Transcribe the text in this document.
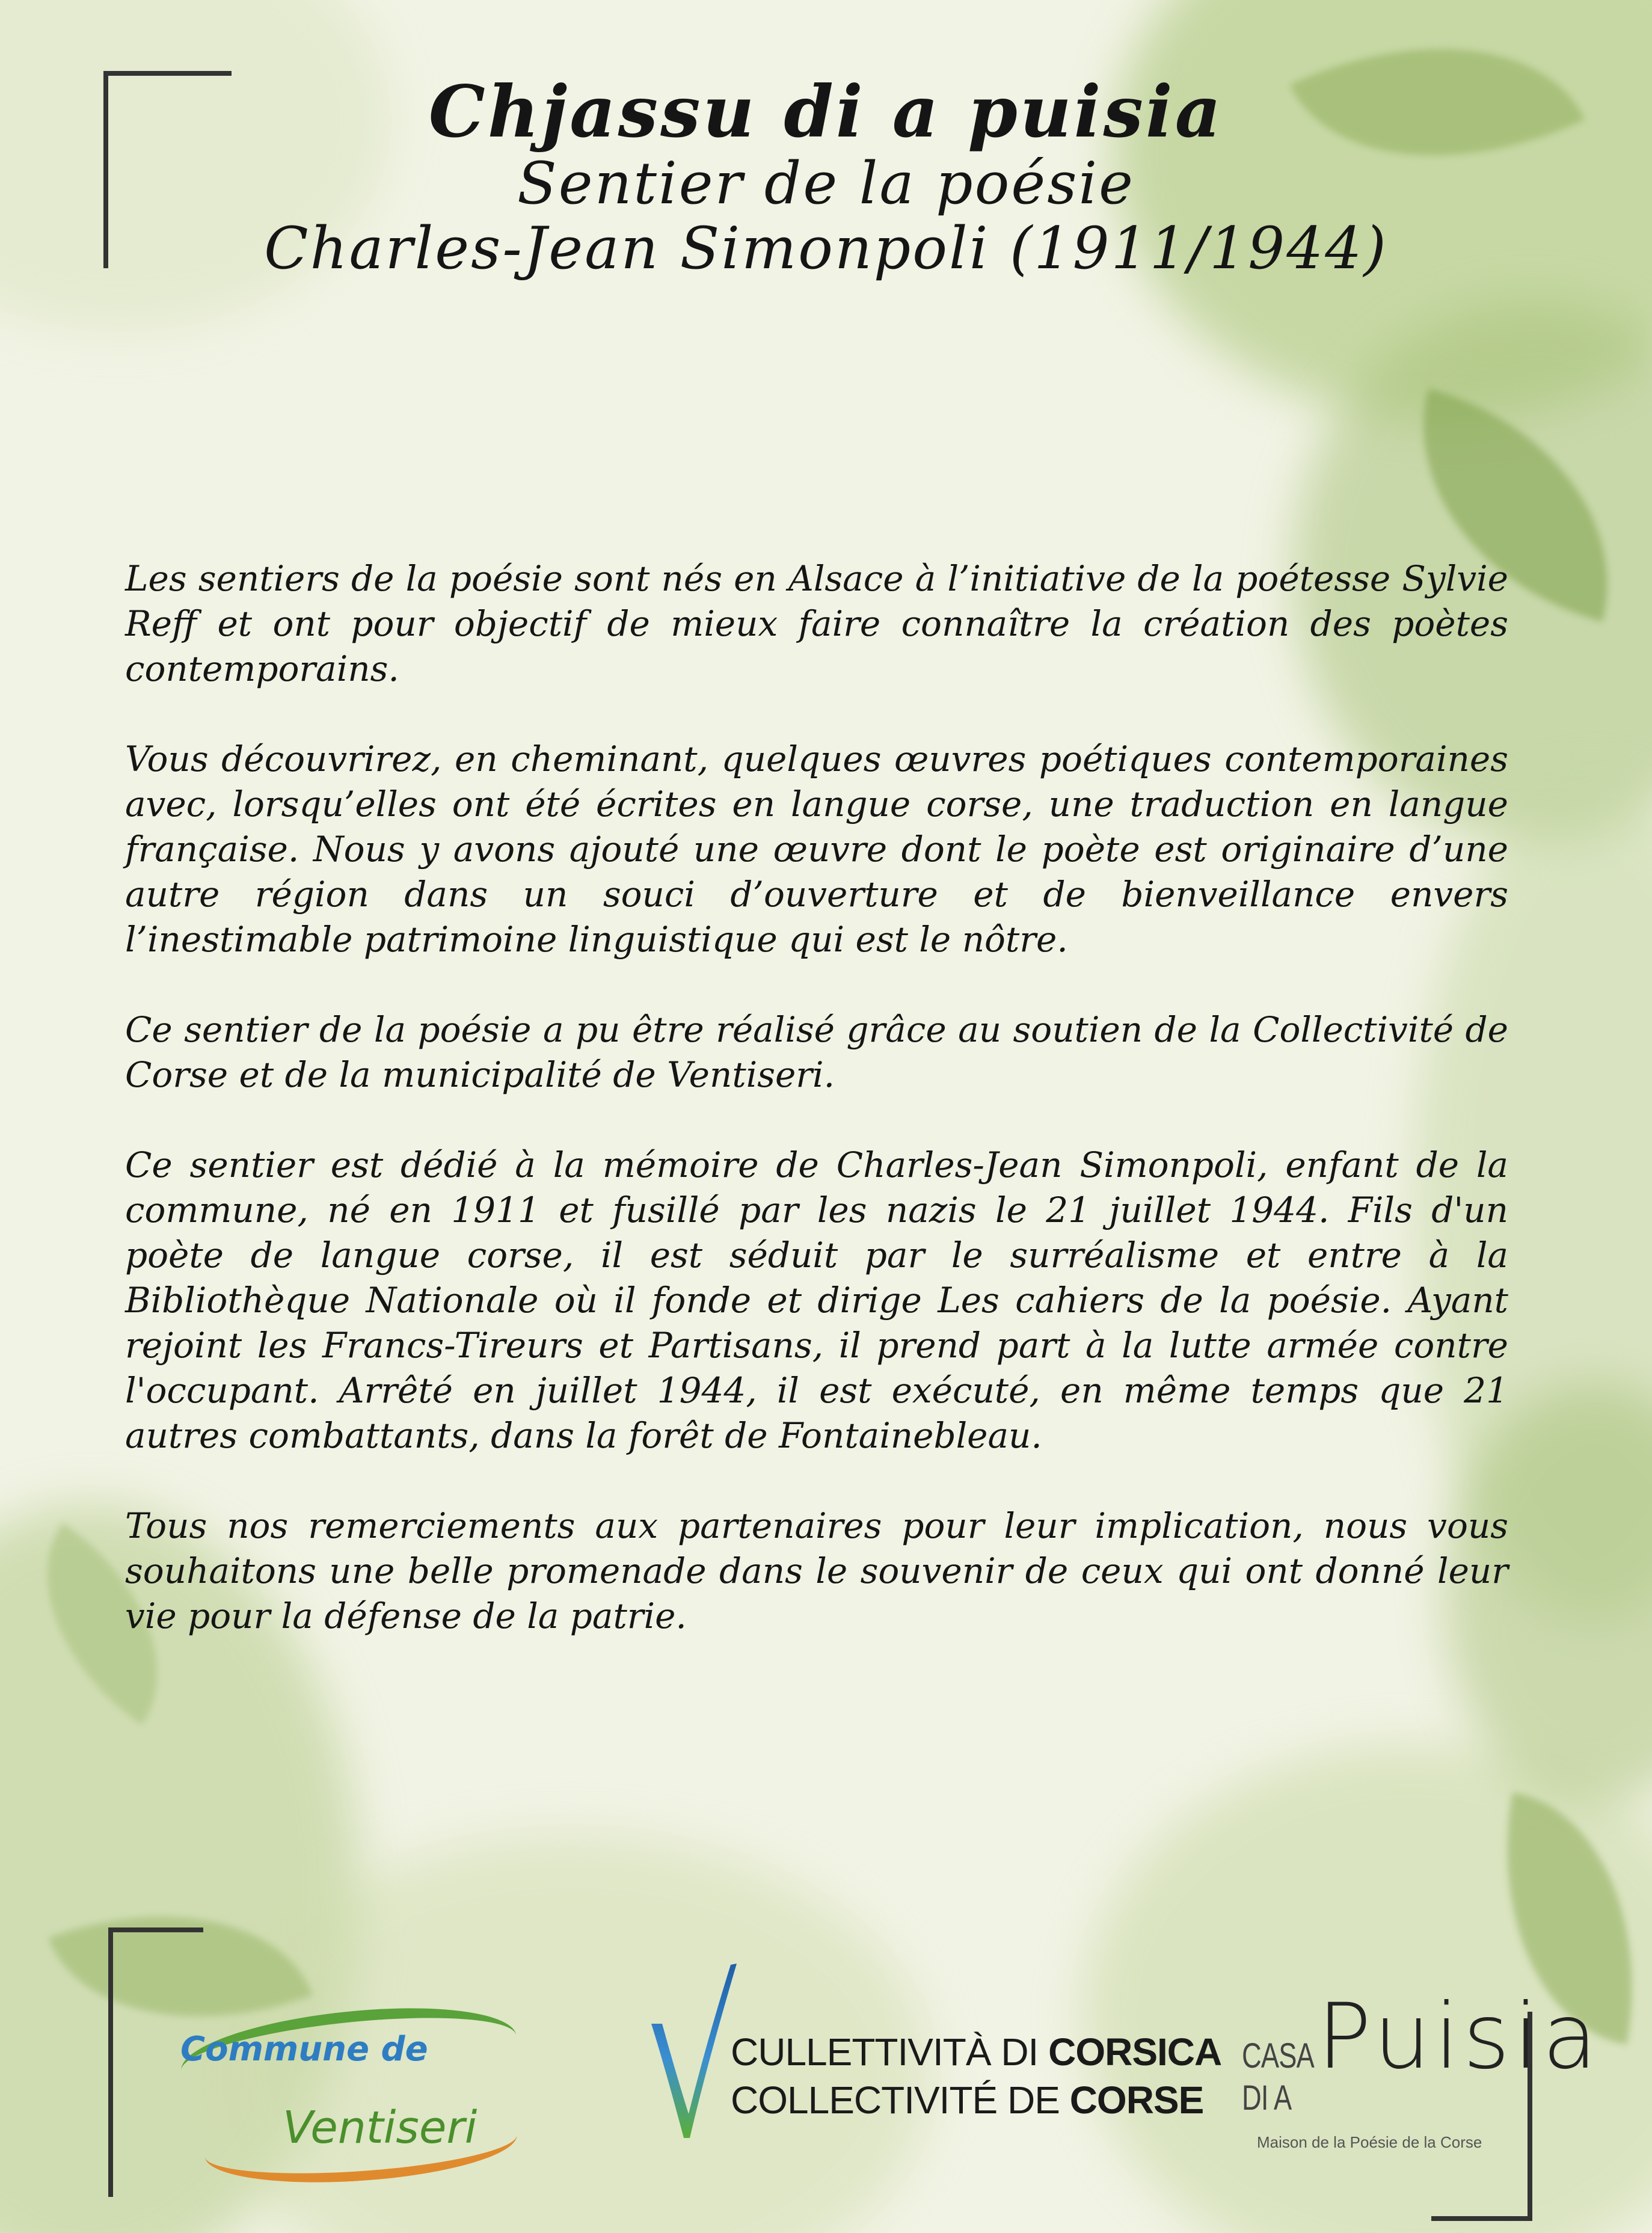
Chjassu di a puisia
Sentier de la poésie
Charles-Jean Simonpoli (1911/1944)

Les sentiers de la poésie sont nés en Alsace à l’initiative de la poétesse Sylvie Reff et ont pour objectif de mieux faire connaître la création des poètes contemporains.

Vous découvrirez, en cheminant, quelques œuvres poétiques contemporaines avec, lorsqu’elles ont été écrites en langue corse, une traduction en langue française. Nous y avons ajouté une œuvre dont le poète est originaire d’une autre région dans un souci d’ouverture et de bienveillance envers l’inestimable patrimoine linguistique qui est le nôtre.

Ce sentier de la poésie a pu être réalisé grâce au soutien de la Collectivité de Corse et de la municipalité de Ventiseri.

Ce sentier est dédié à la mémoire de Charles-Jean Simonpoli, enfant de la commune, né en 1911 et fusillé par les nazis le 21 juillet 1944. Fils d'un poète de langue corse, il est séduit par le surréalisme et entre à la Bibliothèque Nationale où il fonde et dirige Les cahiers de la poésie. Ayant rejoint les Francs-Tireurs et Partisans, il prend part à la lutte armée contre l'occupant. Arrêté en juillet 1944, il est exécuté, en même temps que 21 autres combattants, dans la forêt de Fontainebleau.

Tous nos remerciements aux partenaires pour leur implication, nous vous souhaitons une belle promenade dans le souvenir de ceux qui ont donné leur vie pour la défense de la patrie.

Commune de
Ventiseri
CULLETTIVITÀ DI CORSICA
COLLECTIVITÉ DE CORSE
CASA
DI A
Puisia
Maison de la Poésie de la Corse
